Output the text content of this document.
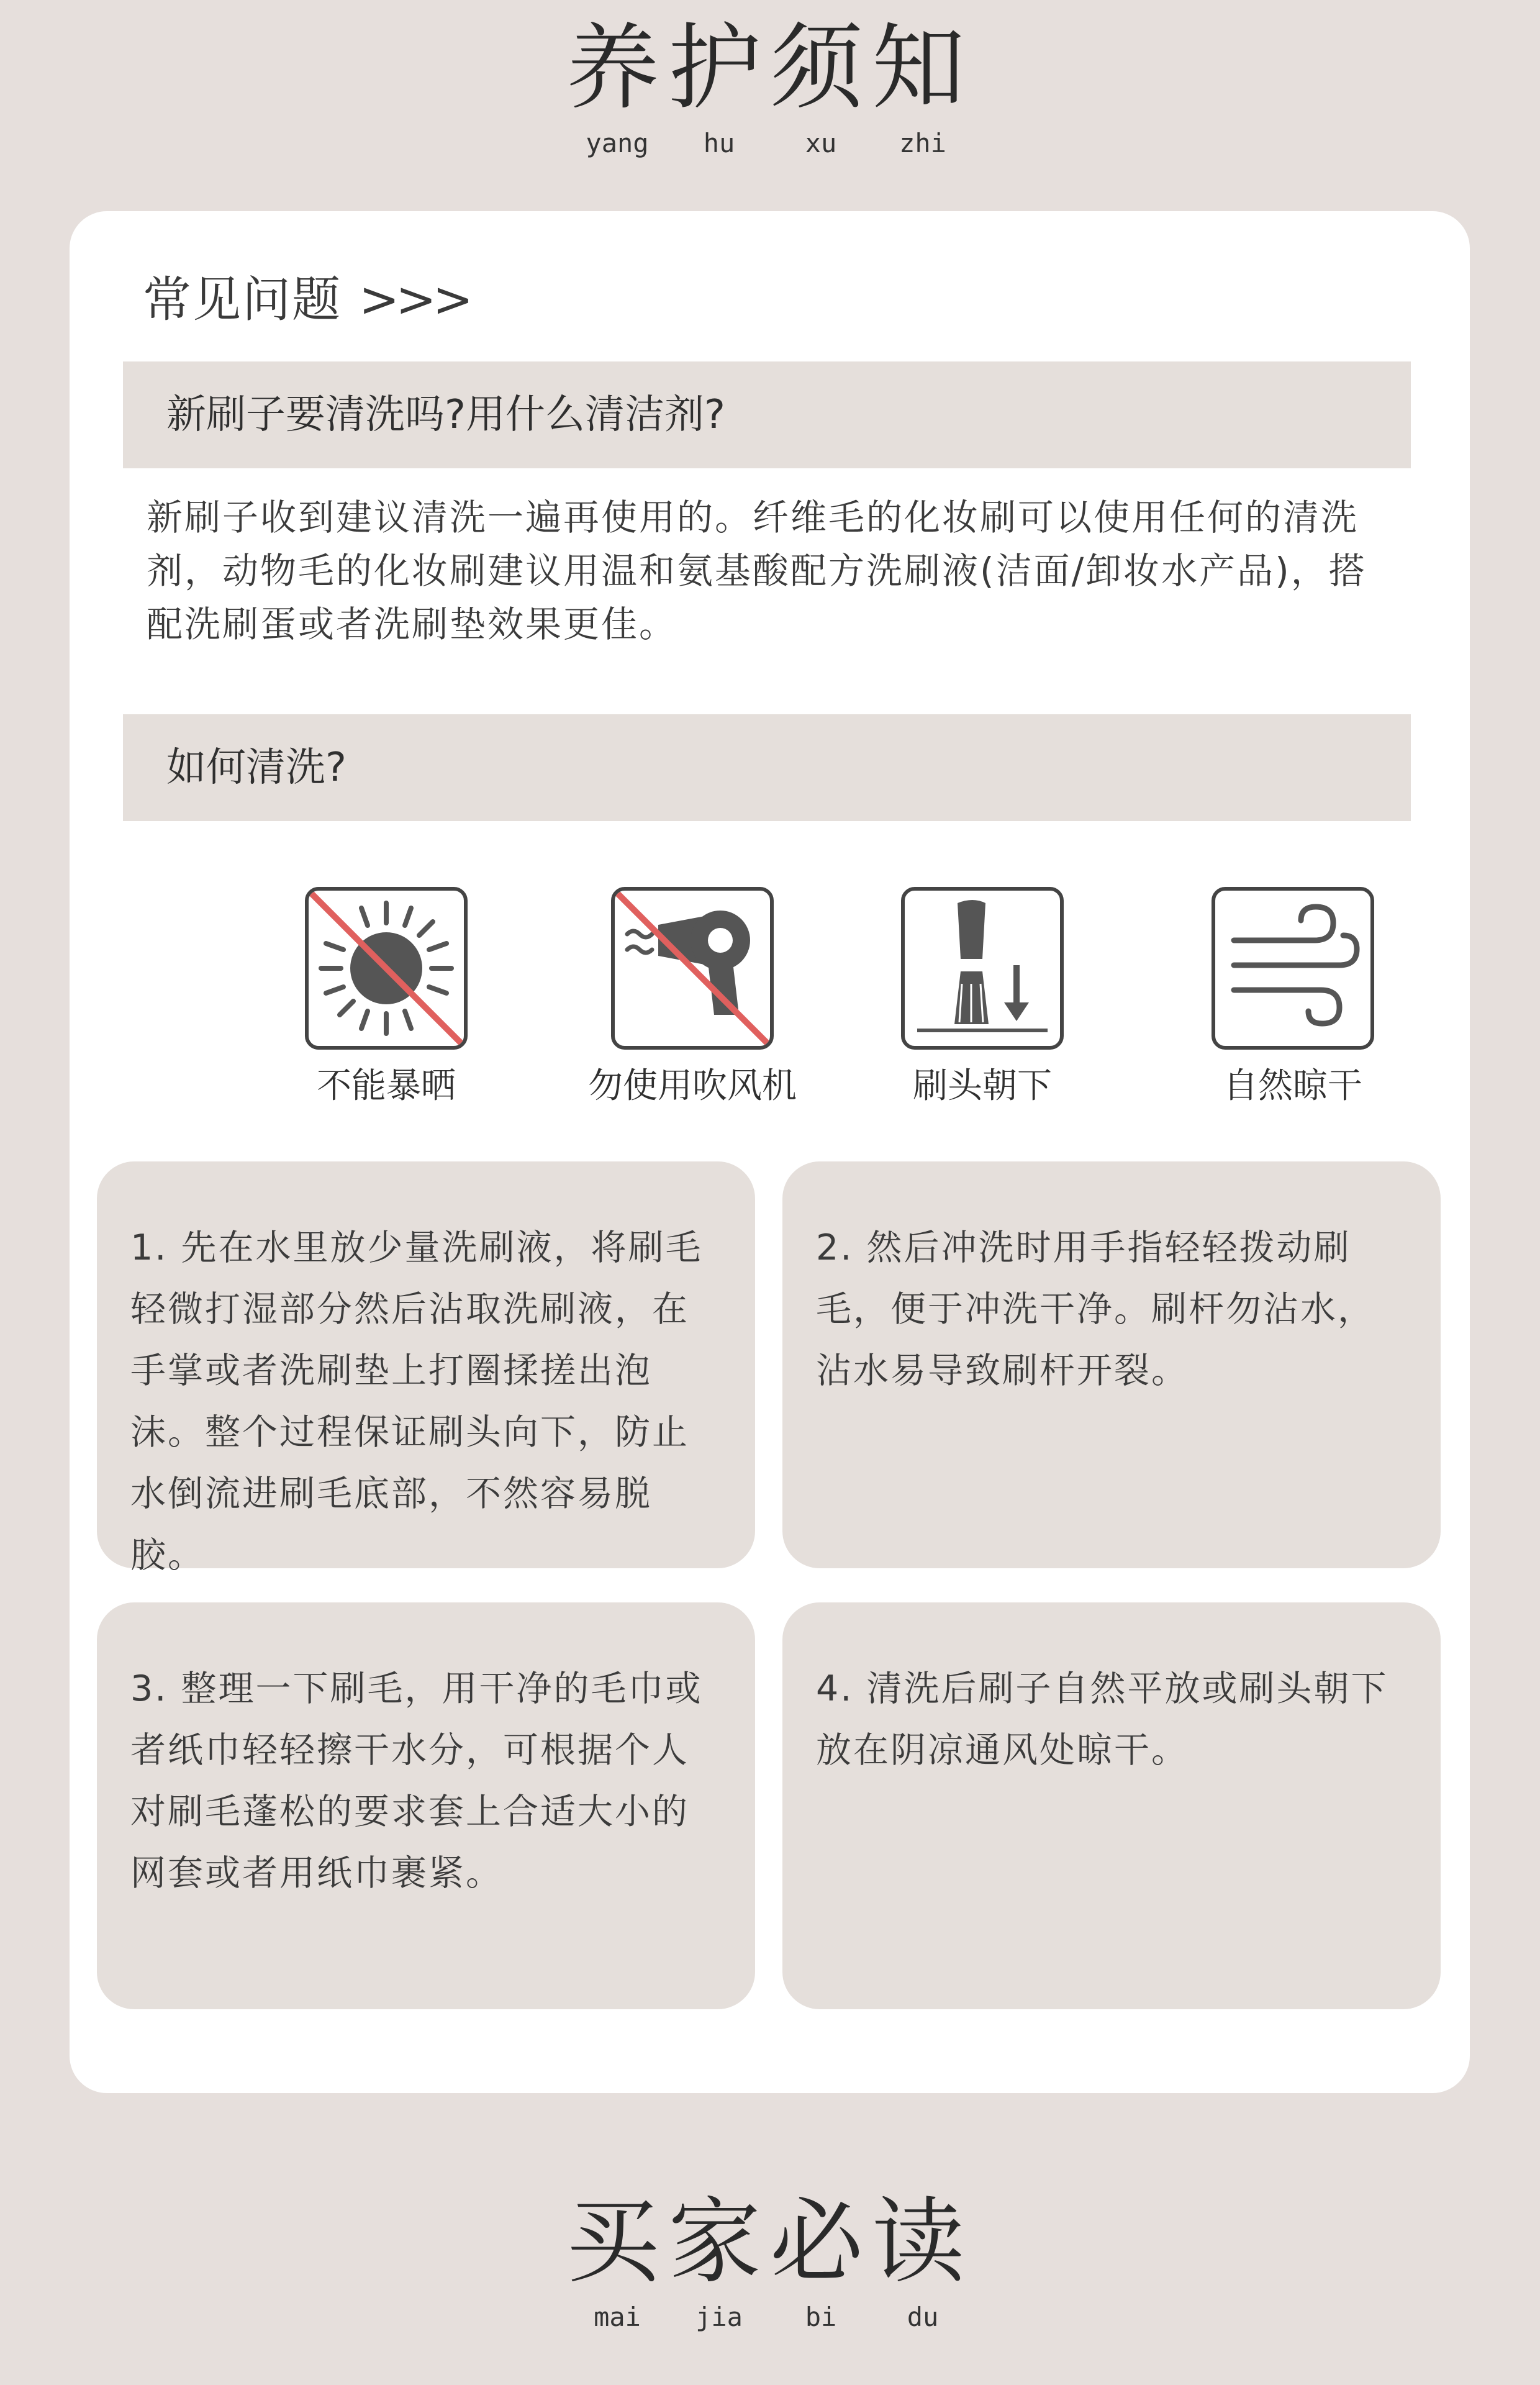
养护须知
yang	hu	xu	zhi
常见问题 >>>
新刷子要清洗吗?用什么清洁剂?
新刷子收到建议清洗一遍再使用的。纤维毛的化妆刷可以使用任何的清洗剂，动物毛的化妆刷建议用温和氨基酸配方洗刷液(洁面/卸妆水产品)，搭配洗刷蛋或者洗刷垫效果更佳。
如何清洗?
不能暴晒	勿使用吹风机	刷头朝下	自然晾干
1. 先在水里放少量洗刷液，将刷毛轻微打湿部分然后沾取洗刷液，在手掌或者洗刷垫上打圈揉搓出泡沫。整个过程保证刷头向下，防止水倒流进刷毛底部，不然容易脱胶。
2. 然后冲洗时用手指轻轻拨动刷毛，便于冲洗干净。刷杆勿沾水，沾水易导致刷杆开裂。
3. 整理一下刷毛，用干净的毛巾或者纸巾轻轻擦干水分，可根据个人对刷毛蓬松的要求套上合适大小的网套或者用纸巾裹紧。
4. 清洗后刷子自然平放或刷头朝下放在阴凉通风处晾干。
买家必读
mai	jia	bi	du
